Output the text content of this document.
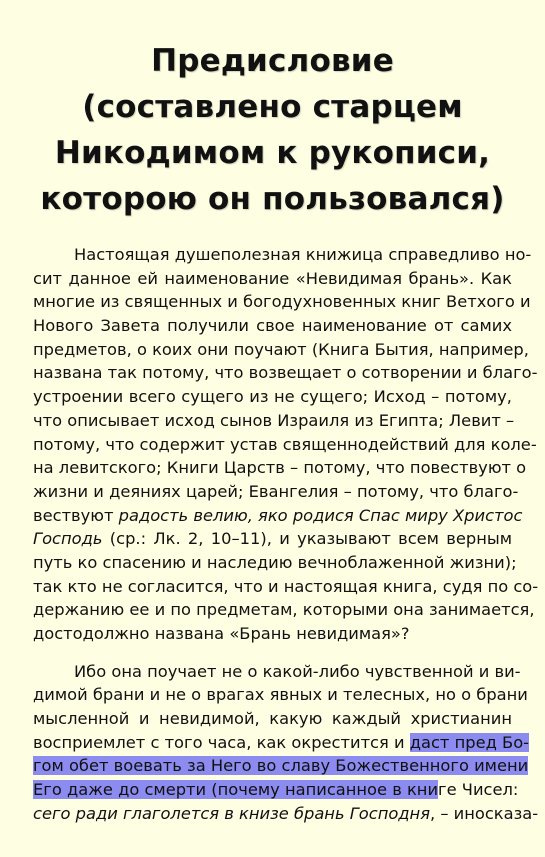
Предисловие
(составлено старцем
Никодимом к рукописи,
которою он пользовался)
Настоящая душеполезная книжица справедливо но-
сит данное ей наименование «Невидимая брань». Как
многие из священных и богодухновенных книг Ветхого и
Нового Завета получили свое наименование от самих
предметов, о коих они поучают (Книга Бытия, например,
названа так потому, что возвещает о сотворении и благо-
устроении всего сущего из не сущего; Исход – потому,
что описывает исход сынов Израиля из Египта; Левит –
потому, что содержит устав священнодействий для коле-
на левитского; Книги Царств – потому, что повествуют о
жизни и деяниях царей; Евангелия – потому, что благо-
вествуют радость велию, яко родися Спас миру Христос
Господь (ср.: Лк. 2, 10–11), и указывают всем верным
путь ко спасению и наследию вечноблаженной жизни);
так кто не согласится, что и настоящая книга, судя по со-
держанию ее и по предметам, которыми она занимается,
достодолжно названа «Брань невидимая»?
Ибо она поучает не о какой-либо чувственной и ви-
димой брани и не о врагах явных и телесных, но о брани
мысленной и невидимой, какую каждый христианин
восприемлет с того часа, как окрестится и даст пред Бо-
гом обет воевать за Него во славу Божественного имени
Его даже до смерти (почему написанное в книге Чисел:
сего ради глаголется в книзе брань Господня, – иносказа-
